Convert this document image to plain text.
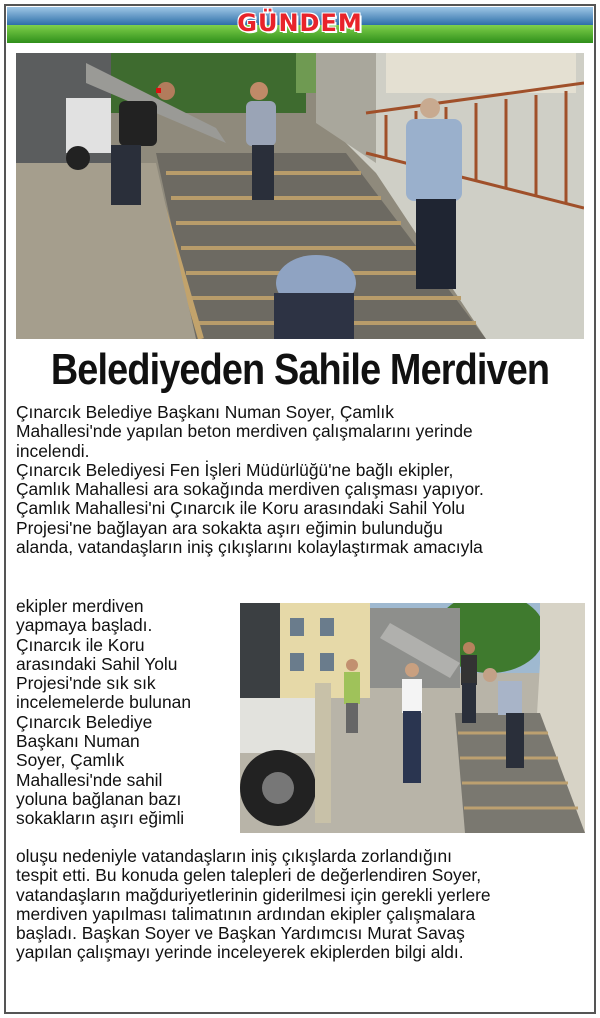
GÜNDEM
Belediyeden Sahile Merdiven
Çınarcık Belediye Başkanı Numan Soyer, Çamlık
Mahallesi'nde yapılan beton merdiven çalışmalarını yerinde
incelendi.
Çınarcık Belediyesi Fen İşleri Müdürlüğü'ne bağlı ekipler,
Çamlık Mahallesi ara sokağında merdiven çalışması yapıyor.
Çamlık Mahallesi'ni Çınarcık ile Koru arasındaki Sahil Yolu
Projesi'ne bağlayan ara sokakta aşırı eğimin bulunduğu
alanda, vatandaşların iniş çıkışlarını kolaylaştırmak amacıyla
ekipler merdiven
yapmaya başladı.
Çınarcık ile Koru
arasındaki Sahil Yolu
Projesi'nde sık sık
incelemelerde bulunan
Çınarcık Belediye
Başkanı Numan
Soyer, Çamlık
Mahallesi'nde sahil
yoluna bağlanan bazı
sokakların aşırı eğimli
oluşu nedeniyle vatandaşların iniş çıkışlarda zorlandığını
tespit etti. Bu konuda gelen talepleri de değerlendiren Soyer,
vatandaşların mağduriyetlerinin giderilmesi için gerekli yerlere
merdiven yapılması talimatının ardından ekipler çalışmalara
başladı. Başkan Soyer ve Başkan Yardımcısı Murat Savaş
yapılan çalışmayı yerinde inceleyerek ekiplerden bilgi aldı.
